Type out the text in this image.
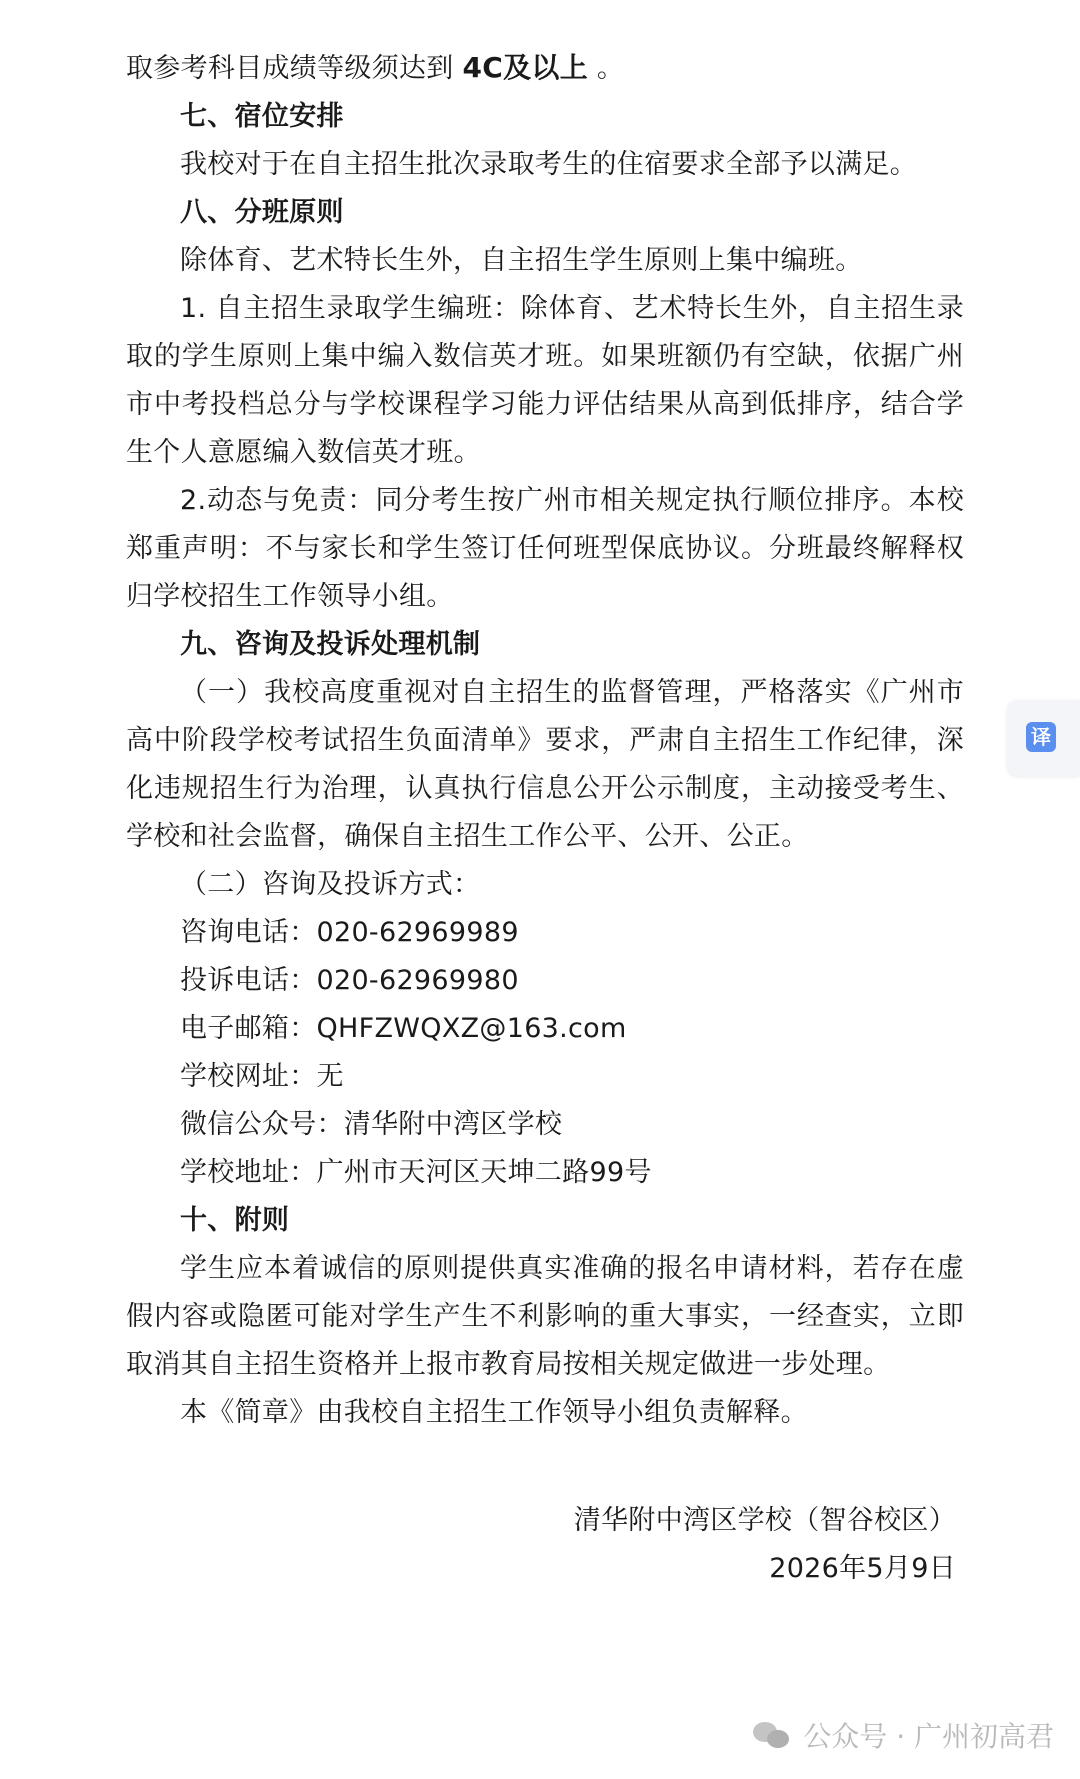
取参考科目成绩等级须达到 4C及以上 。

七、宿位安排

我校对于在自主招生批次录取考生的住宿要求全部予以满足。

八、分班原则

除体育、艺术特长生外，自主招生学生原则上集中编班。

1. 自主招生录取学生编班：除体育、艺术特长生外，自主招生录取的学生原则上集中编入数信英才班。如果班额仍有空缺，依据广州市中考投档总分与学校课程学习能力评估结果从高到低排序，结合学生个人意愿编入数信英才班。

2.动态与免责：同分考生按广州市相关规定执行顺位排序。本校郑重声明：不与家长和学生签订任何班型保底协议。分班最终解释权归学校招生工作领导小组。

九、咨询及投诉处理机制

（一）我校高度重视对自主招生的监督管理，严格落实《广州市高中阶段学校考试招生负面清单》要求，严肃自主招生工作纪律，深化违规招生行为治理，认真执行信息公开公示制度，主动接受考生、学校和社会监督，确保自主招生工作公平、公开、公正。

（二）咨询及投诉方式：

咨询电话：020-62969989

投诉电话：020-62969980

电子邮箱：QHFZWQXZ@163.com

学校网址：无

微信公众号：清华附中湾区学校

学校地址：广州市天河区天坤二路99号

十、附则

学生应本着诚信的原则提供真实准确的报名申请材料，若存在虚假内容或隐匿可能对学生产生不利影响的重大事实，一经查实，立即取消其自主招生资格并上报市教育局按相关规定做进一步处理。

本《简章》由我校自主招生工作领导小组负责解释。

清华附中湾区学校（智谷校区）

2026年5月9日

译
公众号 · 广州初高君
